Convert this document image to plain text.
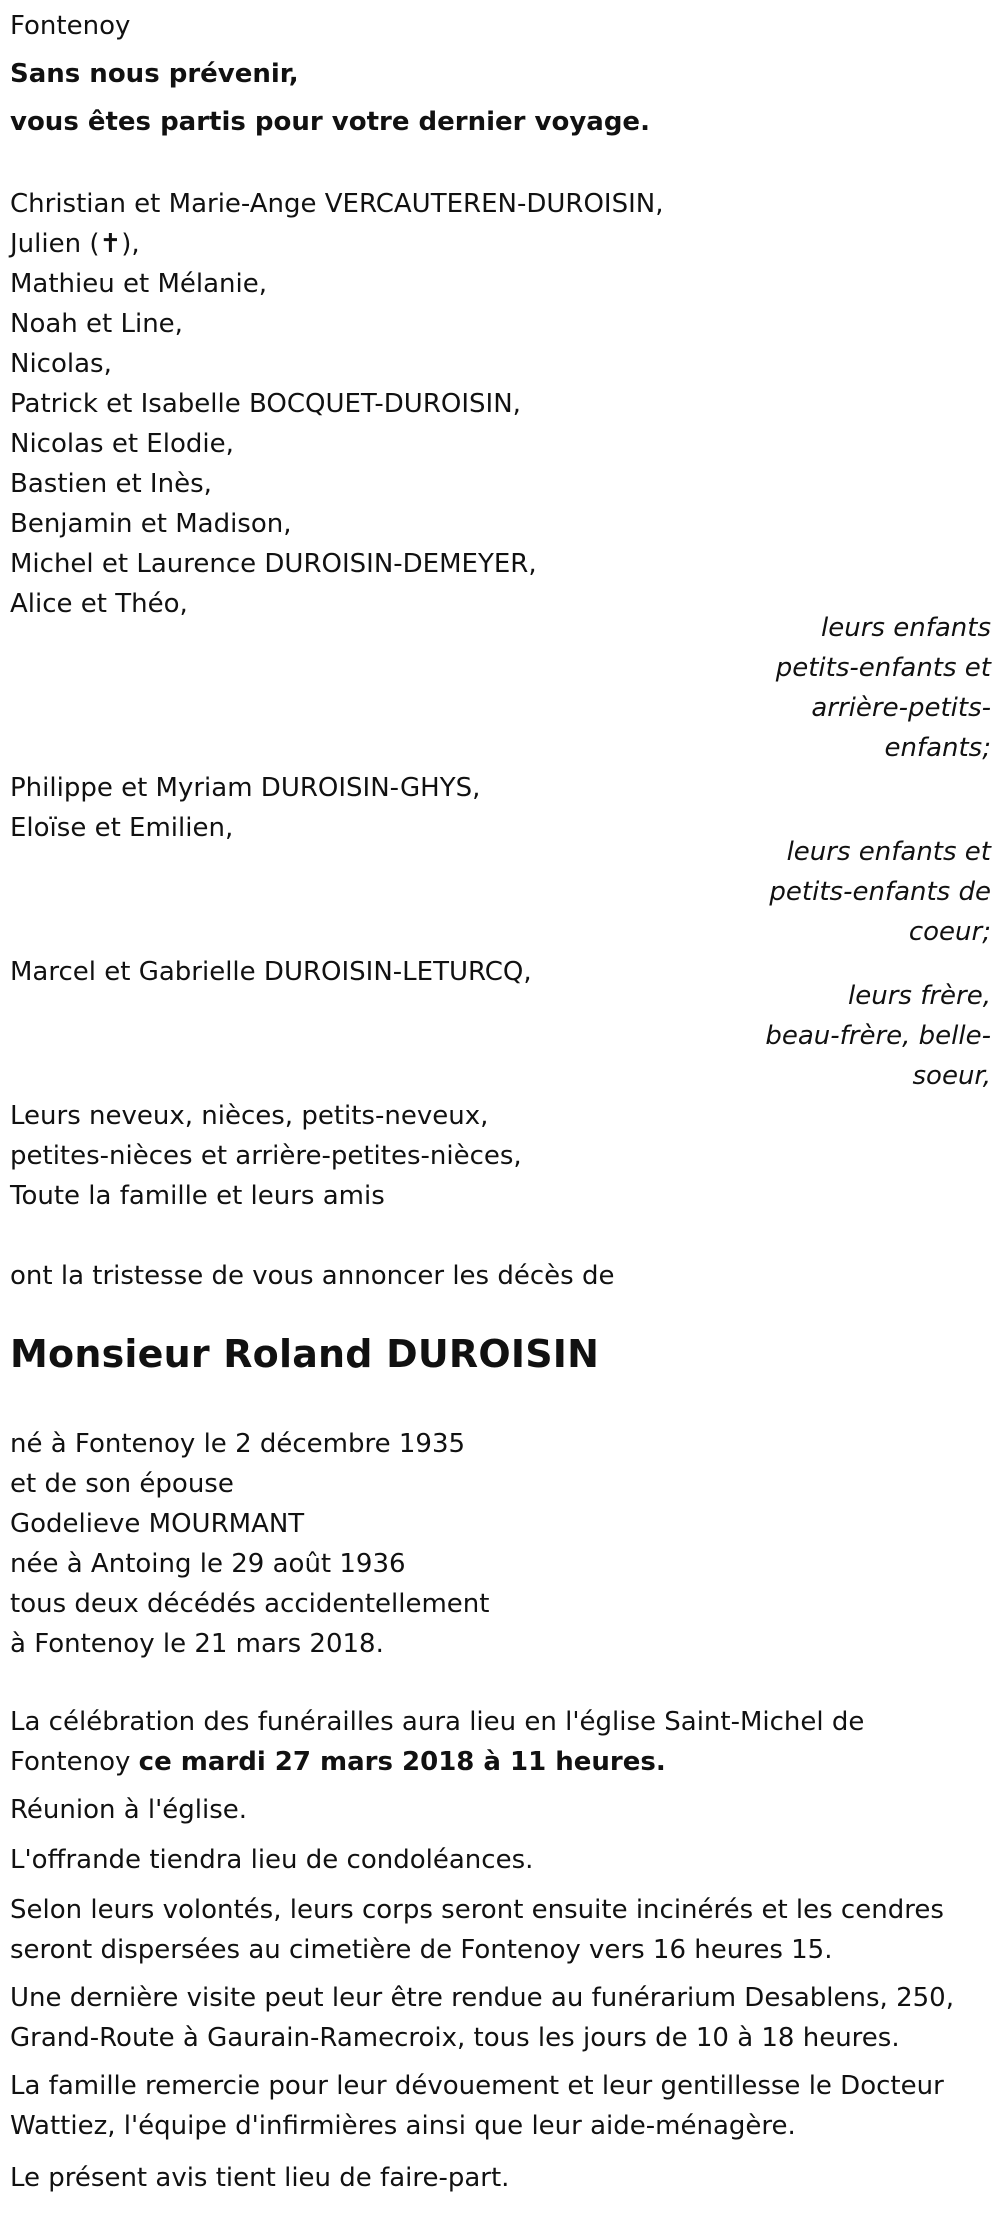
Fontenoy
Sans nous prévenir,
vous êtes partis pour votre dernier voyage.
Christian et Marie-Ange VERCAUTEREN-DUROISIN,
Julien (✝),
Mathieu et Mélanie,
Noah et Line,
Nicolas,
Patrick et Isabelle BOCQUET-DUROISIN,
Nicolas et Elodie,
Bastien et Inès,
Benjamin et Madison,
Michel et Laurence DUROISIN-DEMEYER,
Alice et Théo,
leurs enfants
petits-enfants et
arrière-petits-
enfants;
Philippe et Myriam DUROISIN-GHYS,
Eloïse et Emilien,
leurs enfants et
petits-enfants de
coeur;
Marcel et Gabrielle DUROISIN-LETURCQ,
leurs frère,
beau-frère, belle-
soeur,
Leurs neveux, nièces, petits-neveux,
petites-nièces et arrière-petites-nièces,
Toute la famille et leurs amis
ont la tristesse de vous annoncer les décès de
Monsieur Roland DUROISIN
né à Fontenoy le 2 décembre 1935
et de son épouse
Godelieve MOURMANT
née à Antoing le 29 août 1936
tous deux décédés accidentellement
à Fontenoy le 21 mars 2018.
La célébration des funérailles aura lieu en l'église Saint-Michel de
Fontenoy ce mardi 27 mars 2018 à 11 heures.
Réunion à l'église.
L'offrande tiendra lieu de condoléances.
Selon leurs volontés, leurs corps seront ensuite incinérés et les cendres
seront dispersées au cimetière de Fontenoy vers 16 heures 15.
Une dernière visite peut leur être rendue au funérarium Desablens, 250,
Grand-Route à Gaurain-Ramecroix, tous les jours de 10 à 18 heures.
La famille remercie pour leur dévouement et leur gentillesse le Docteur
Wattiez, l'équipe d'infirmières ainsi que leur aide-ménagère.
Le présent avis tient lieu de faire-part.
